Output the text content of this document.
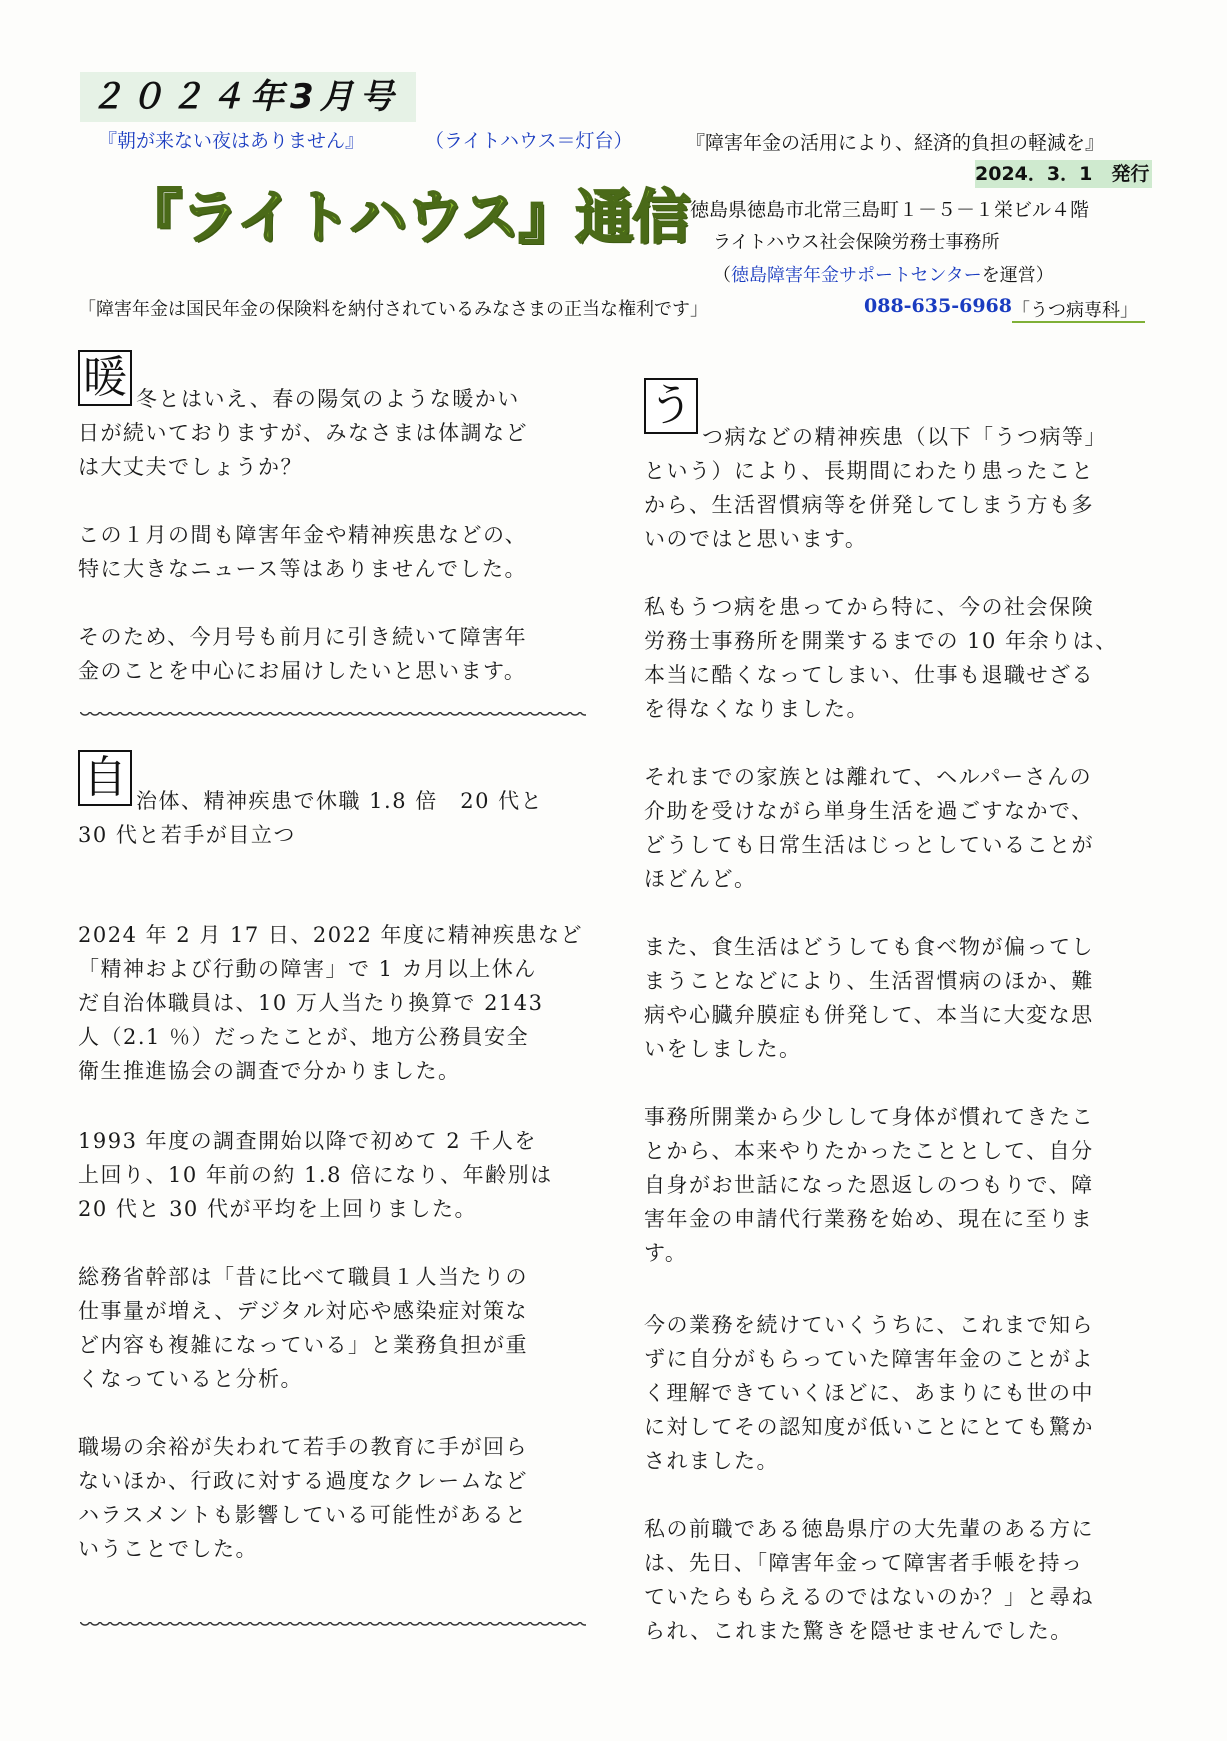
２０２４年3月号
『朝が来ない夜はありません』	（ライトハウス＝灯台）
『ライトハウス』通信
『障害年金の活用により、経済的負担の軽減を』
2024．3．1　発行
徳島県徳島市北常三島町１－５－１栄ビル４階
ライトハウス社会保険労務士事務所
（徳島障害年金サポートセンターを運営）
「障害年金は国民年金の保険料を納付されているみなさまの正当な権利です」	088-635-6968 「うつ病専科」
暖 冬とはいえ、春の陽気のような暖かい
日が続いておりますが、みなさまは体調など
は大丈夫でしょうか？
この１月の間も障害年金や精神疾患などの、
特に大きなニュース等はありませんでした。
そのため、今月号も前月に引き続いて障害年
金のことを中心にお届けしたいと思います。
自 治体、精神疾患で休職 1.8 倍　20 代と
30 代と若手が目立つ
2024 年 2 月 17 日、2022 年度に精神疾患など
「精神および行動の障害」で 1 カ月以上休ん
だ自治体職員は、10 万人当たり換算で 2143
人（2.1 ％）だったことが、地方公務員安全
衛生推進協会の調査で分かりました。
1993 年度の調査開始以降で初めて 2 千人を
上回り、10 年前の約 1.8 倍になり、年齢別は
20 代と 30 代が平均を上回りました。
総務省幹部は「昔に比べて職員１人当たりの
仕事量が増え、デジタル対応や感染症対策な
ど内容も複雑になっている」と業務負担が重
くなっていると分析。
職場の余裕が失われて若手の教育に手が回ら
ないほか、行政に対する過度なクレームなど
ハラスメントも影響している可能性があると
いうことでした。
う
つ病などの精神疾患（以下「うつ病等」
という）により、長期間にわたり患ったこと
から、生活習慣病等を併発してしまう方も多
いのではと思います。
私もうつ病を患ってから特に、今の社会保険
労務士事務所を開業するまでの 10 年余りは、
本当に酷くなってしまい、仕事も退職せざる
を得なくなりました。
それまでの家族とは離れて、ヘルパーさんの
介助を受けながら単身生活を過ごすなかで、
どうしても日常生活はじっとしていることが
ほどんど。
また、食生活はどうしても食べ物が偏ってし
まうことなどにより、生活習慣病のほか、難
病や心臓弁膜症も併発して、本当に大変な思
いをしました。
事務所開業から少しして身体が慣れてきたこ
とから、本来やりたかったこととして、自分
自身がお世話になった恩返しのつもりで、障
害年金の申請代行業務を始め、現在に至りま
す。
今の業務を続けていくうちに、これまで知ら
ずに自分がもらっていた障害年金のことがよ
く理解できていくほどに、あまりにも世の中
に対してその認知度が低いことにとても驚か
されました。
私の前職である徳島県庁の大先輩のある方に
は、先日、「障害年金って障害者手帳を持っ
ていたらもらえるのではないのか？」と尋ね
られ、これまた驚きを隠せませんでした。
